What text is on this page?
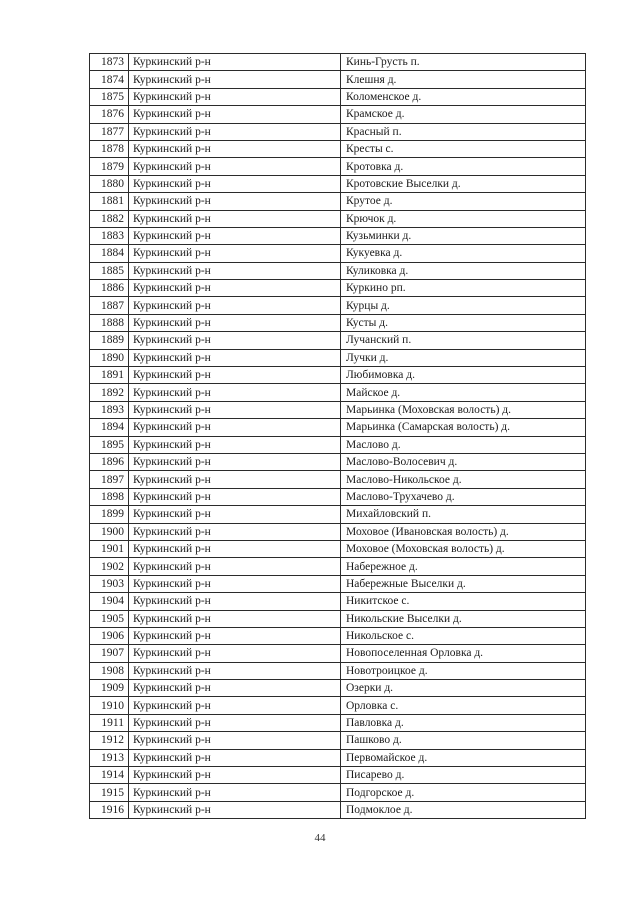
1873	Куркинский р-н	Кинь-Грусть п.
1874	Куркинский р-н	Клешня д.
1875	Куркинский р-н	Коломенское д.
1876	Куркинский р-н	Крамское д.
1877	Куркинский р-н	Красный п.
1878	Куркинский р-н	Кресты с.
1879	Куркинский р-н	Кротовка д.
1880	Куркинский р-н	Кротовские Выселки д.
1881	Куркинский р-н	Крутое д.
1882	Куркинский р-н	Крючок д.
1883	Куркинский р-н	Кузьминки д.
1884	Куркинский р-н	Кукуевка д.
1885	Куркинский р-н	Куликовка д.
1886	Куркинский р-н	Куркино рп.
1887	Куркинский р-н	Курцы д.
1888	Куркинский р-н	Кусты д.
1889	Куркинский р-н	Лучанский п.
1890	Куркинский р-н	Лучки д.
1891	Куркинский р-н	Любимовка д.
1892	Куркинский р-н	Майское д.
1893	Куркинский р-н	Марьинка (Моховская волость) д.
1894	Куркинский р-н	Марьинка (Самарская волость) д.
1895	Куркинский р-н	Маслово д.
1896	Куркинский р-н	Маслово-Волосевич д.
1897	Куркинский р-н	Маслово-Никольское д.
1898	Куркинский р-н	Маслово-Трухачево д.
1899	Куркинский р-н	Михайловский п.
1900	Куркинский р-н	Моховое (Ивановская волость) д.
1901	Куркинский р-н	Моховое (Моховская волость) д.
1902	Куркинский р-н	Набережное д.
1903	Куркинский р-н	Набережные Выселки д.
1904	Куркинский р-н	Никитское с.
1905	Куркинский р-н	Никольские Выселки д.
1906	Куркинский р-н	Никольское с.
1907	Куркинский р-н	Новопоселенная Орловка д.
1908	Куркинский р-н	Новотроицкое д.
1909	Куркинский р-н	Озерки д.
1910	Куркинский р-н	Орловка с.
1911	Куркинский р-н	Павловка д.
1912	Куркинский р-н	Пашково д.
1913	Куркинский р-н	Первомайское д.
1914	Куркинский р-н	Писарево д.
1915	Куркинский р-н	Подгорское д.
1916	Куркинский р-н	Подмоклое д.
44
